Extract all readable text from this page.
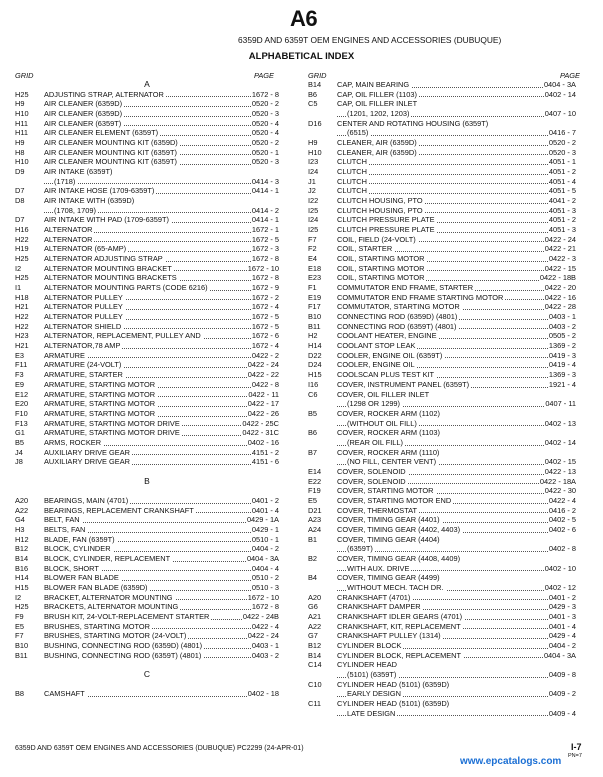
A6
6359D AND 6359T OEM ENGINES AND ACCESSORIES (DUBUQUE)
ALPHABETICAL INDEX
GRID	PAGE	GRID	PAGE
A
H25	ADJUSTING STRAP, ALTERNATOR	1672 - 8
H9	AIR CLEANER (6359D)	0520 - 2
H10	AIR CLEANER (6359D)	0520 - 3
H11	AIR CLEANER (6359T)	0520 - 4
H11	AIR CLEANER ELEMENT (6359T)	0520 - 4
H9	AIR CLEANER MOUNTING KIT (6359D)	0520 - 2
H8	AIR CLEANER MOUNTING KIT (6359T)	0520 - 1
H10	AIR CLEANER MOUNTING KIT (6359T)	0520 - 3
D9	AIR INTAKE (6359T)
(1718)	0414 - 3
D7	AIR INTAKE HOSE (1709-6359T)	0414 - 1
D8	AIR INTAKE WITH (6359D)
(1708, 1709)	0414 - 2
D7	AIR INTAKE WITH PAD (1709-6359T)	0414 - 1
H16	ALTERNATOR	1672 - 1
H22	ALTERNATOR	1672 - 5
H19	ALTERNATOR (65-AMP)	1672 - 3
H25	ALTERNATOR ADJUSTING STRAP	1672 - 8
I2	ALTERNATOR MOUNTING BRACKET	1672 - 10
H25	ALTERNATOR MOUNTING BRACKETS	1672 - 8
I1	ALTERNATOR MOUNTING PARTS (CODE 6216)	1672 - 9
H18	ALTERNATOR PULLEY	1672 - 2
H21	ALTERNATOR PULLEY	1672 - 4
H22	ALTERNATOR PULLEY	1672 - 5
H22	ALTERNATOR SHIELD	1672 - 5
H23	ALTERNATOR, REPLACEMENT, PULLEY AND	1672 - 6
H21	ALTERNATOR,78 AMP	1672 - 4
E3	ARMATURE	0422 - 2
F11	ARMATURE (24-VOLT)	0422 - 24
F3	ARMATURE, STARTER	0422 - 22
E9	ARMATURE, STARTING MOTOR	0422 - 8
E12	ARMATURE, STARTING MOTOR	0422 - 11
E20	ARMATURE, STARTING MOTOR	0422 - 17
F10	ARMATURE, STARTING MOTOR	0422 - 26
F13	ARMATURE, STARTING MOTOR DRIVE	0422 - 25C
G1	ARMATURE, STARTING MOTOR DRIVE	0422 - 31C
B5	ARMS, ROCKER	0402 - 16
J4	AUXILIARY DRIVE GEAR	4151 - 2
J8	AUXILIARY DRIVE GEAR	4151 - 6
B
A20	BEARINGS, MAIN (4701)	0401 - 2
A22	BEARINGS, REPLACEMENT CRANKSHAFT	0401 - 4
G4	BELT, FAN	0429 - 1A
H3	BELTS, FAN	0429 - 1
H12	BLADE, FAN (6359T)	0510 - 1
B12	BLOCK, CYLINDER	0404 - 2
B14	BLOCK, CYLINDER, REPLACEMENT	0404 - 3A
B16	BLOCK, SHORT	0404 - 4
H14	BLOWER FAN BLADE	0510 - 2
H15	BLOWER FAN BLADE (6359D)	0510 - 3
I2	BRACKET, ALTERNATOR MOUNTING	1672 - 10
H25	BRACKETS, ALTERNATOR MOUNTING	1672 - 8
F9	BRUSH KIT, 24-VOLT-REPLACEMENT STARTER	0422 - 24B
E5	BRUSHES, STARTING MOTOR	0422 - 4
F7	BRUSHES, STARTING MOTOR (24-VOLT)	0422 - 24
B10	BUSHING, CONNECTING ROD (6359D) (4801)	0403 - 1
B11	BUSHING, CONNECTING ROD (6359T) (4801)	0403 - 2
C
B8	CAMSHAFT	0402 - 18
B14	CAP, MAIN BEARING	0404 - 3A
B6	CAP, OIL FILLER (1103)	0402 - 14
C5	CAP, OIL FILLER INLET
(1201, 1202, 1203)	0407 - 10
D16	CENTER AND ROTATING HOUSING (6359T)
(6515)	0416 - 7
H9	CLEANER, AIR (6359D)	0520 - 2
H10	CLEANER, AIR (6359D)	0520 - 3
I23	CLUTCH	4051 - 1
I24	CLUTCH	4051 - 2
J1	CLUTCH	4051 - 4
J2	CLUTCH	4051 - 5
I22	CLUTCH HOUSING, PTO	4041 - 2
I25	CLUTCH HOUSING, PTO	4051 - 3
I24	CLUTCH PRESSURE PLATE	4051 - 2
I25	CLUTCH PRESSURE PLATE	4051 - 3
F7	COIL, FIELD (24-VOLT)	0422 - 24
F2	COIL, STARTER	0422 - 21
E4	COIL, STARTING MOTOR	0422 - 3
E18	COIL, STARTING MOTOR	0422 - 15
E23	COIL, STARTING MOTOR	0422 - 18B
F1	COMMUTATOR END FRAME, STARTER	0422 - 20
E19	COMMUTATOR END FRAME STARTING MOTOR	0422 - 16
F17	COMMUTATOR, STARTING MOTOR	0422 - 28
B10	CONNECTING ROD (6359D) (4801)	0403 - 1
B11	CONNECTING ROD (6359T) (4801)	0403 - 2
H2	COOLANT HEATER, ENGINE	0505 - 2
H14	COOLANT STOP LEAK	1369 - 2
D22	COOLER, ENGINE OIL (6359T)	0419 - 3
D24	COOLER, ENGINE OIL	0419 - 4
H15	COOLSCAN PLUS TEST KIT	1369 - 3
I16	COVER, INSTRUMENT PANEL (6359T)	1921 - 4
C6	COVER, OIL FILLER INLET
(1298 OR 1299)	0407 - 11
B5	COVER, ROCKER ARM (1102)
(WITHOUT OIL FILL)	0402 - 13
B6	COVER, ROCKER ARM (1103)
(REAR OIL FILL)	0402 - 14
B7	COVER, ROCKER ARM (1110)
(NO FILL, CENTER VENT)	0402 - 15
E14	COVER, SOLENOID	0422 - 13
E22	COVER, SOLENOID	0422 - 18A
F19	COVER, STARTING MOTOR	0422 - 30
E5	COVER, STARTING MOTOR END	0422 - 4
D21	COVER, THERMOSTAT	0416 - 2
A23	COVER, TIMING GEAR (4401)	0402 - 5
A24	COVER, TIMING GEAR (4402, 4403)	0402 - 6
B1	COVER, TIMING GEAR (4404)
(6359T)	0402 - 8
B2	COVER, TIMING GEAR (4408, 4409)
WITH AUX. DRIVE	0402 - 10
B4	COVER, TIMING GEAR (4499)
WITHOUT MECH. TACH DR.	0402 - 12
A20	CRANKSHAFT (4701)	0401 - 2
G6	CRANKSHAFT DAMPER	0429 - 3
A21	CRANKSHAFT IDLER GEARS (4701)	0401 - 3
A22	CRANKSHAFT, KIT, REPLACEMENT	0401 - 4
G7	CRANKSHAFT PULLEY (1314)	0429 - 4
B12	CYLINDER BLOCK	0404 - 2
B14	CYLINDER BLOCK, REPLACEMENT	0404 - 3A
C14	CYLINDER HEAD
(5101) (6359T)	0409 - 8
C10	CYLINDER HEAD (5101) (6359D)
EARLY DESIGN	0409 - 2
C11	CYLINDER HEAD (5101) (6359D)
LATE DESIGN	0409 - 4
6359D AND 6359T OEM ENGINES AND ACCESSORIES (DUBUQUE) PC2299 (24-APR-01)	I-7
PN=7
www.epcatalogs.com
